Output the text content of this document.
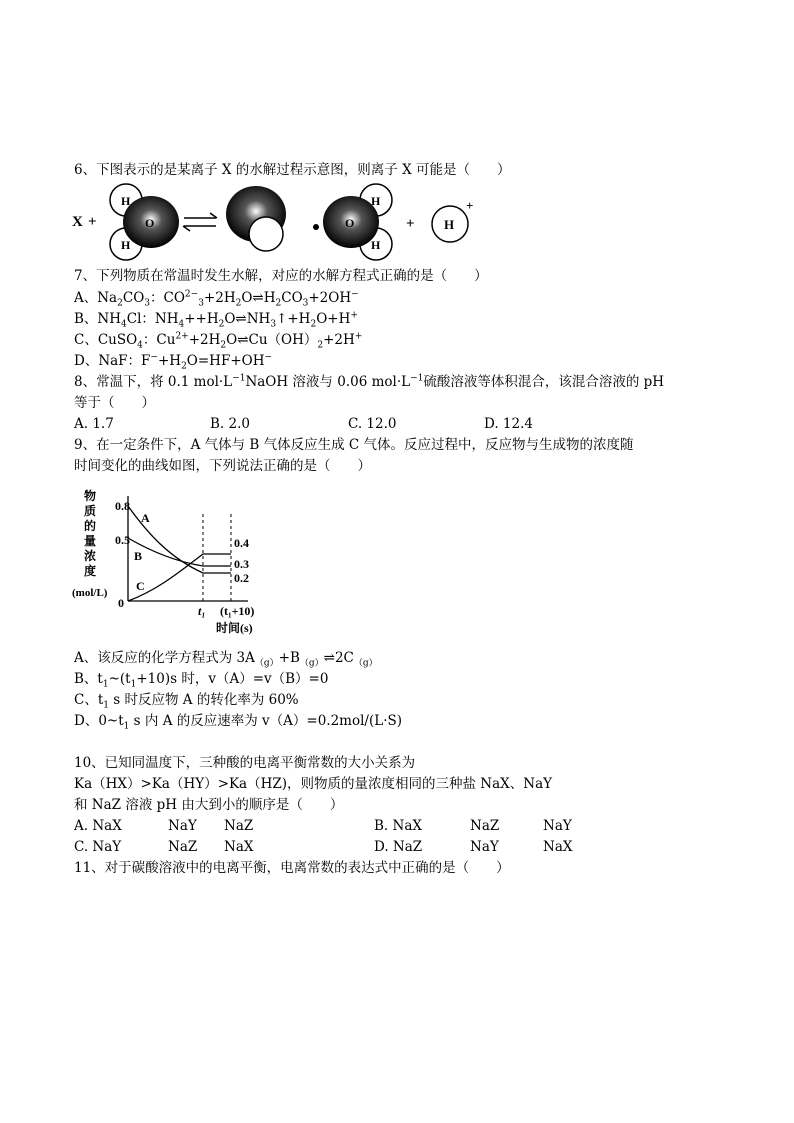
6、下图表示的是某离子 X 的水解过程示意图，则离子 X 可能是（　　）
X +
H
H
O
H
H
O	+ H
+
7、下列物质在常温时发生水解，对应的水解方程式正确的是（　　）
A、$Na_2CO_3$：$CO^{2-}_3+2H_2O\rightleftharpoons H_2CO_3+2OH^-$
B、$NH_4Cl$：$NH_4++H_2O\rightleftharpoons NH_3↑+H_2O+H^+$
C、CuSO$_4$：$Cu^{2+}+2H_2O\rightleftharpoons Cu(OH)_2+2H^+$
D、NaF：$F^-+H_2O=HF+OH^-$
8、常温下，将 0.1 $mol\cdot L^{-1}NaOH$ 溶液与 0.06 $mol\cdot L^{-1}$硫酸溶液等体积混合，该混合溶液的 pH
等于（　　）
A. 1.7	B. 2.0	C. 12.0	D. 12.4
9、在一定条件下，A 气体与 B 气体反应生成 C 气体。反应过程中，反应物与生成物的浓度随
时间变化的曲线如图，下列说法正确的是（　　）
物
质
的
量
浓
度
(mol/L)
0.8
0.5
0
A
B
C
0.4
0.3
0.2
t₁ (t₁+10)
时间(s)
A、该反应的化学方程式为 $3A_{(g)}+B_{(g)}\rightleftharpoons 2C_{(g)}$
B、$t_1\sim(t_1+10)s$ 时，v（A）=v（B）=0
C、$t_1$ s 时反应物 A 的转化率为 60%
D、$0\sim t_1$ s 内 A 的反应速率为 v（A）=0.2mol/(L·S)
10、已知同温度下，三种酸的电离平衡常数的大小关系为
Ka（HX）>Ka（HY）>Ka（HZ)，则物质的量浓度相同的三种盐 NaX、NaY
和 NaZ 溶液 pH 由大到小的顺序是（　　）
A. NaX	NaY NaZ	B. NaX	NaZ	NaY
C. NaY	NaZ NaX	D. NaZ	NaY	NaX
11、对于碳酸溶液中的电离平衡，电离常数的表达式中正确的是（　　）
